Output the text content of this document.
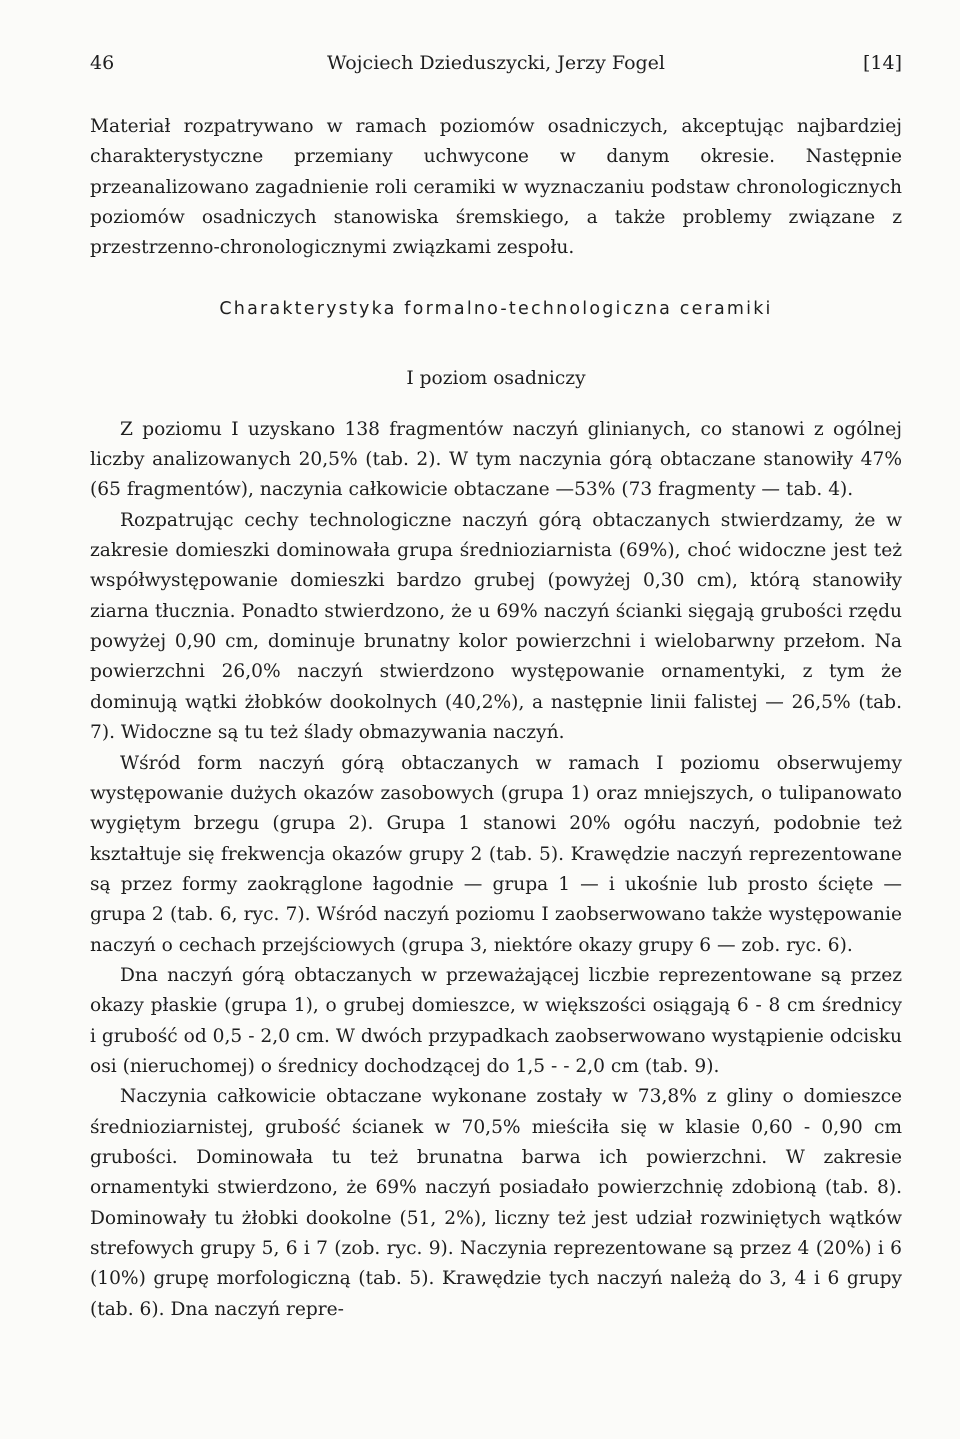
46	Wojciech Dzieduszycki, Jerzy Fogel	[14]

Materiał rozpatrywano w ramach poziomów osadniczych, akceptując najbardziej charakterystyczne przemiany uchwycone w danym okresie. Następnie przeanalizowano zagadnienie roli ceramiki w wyznaczaniu podstaw chronologicznych poziomów osadniczych stanowiska śremskiego, a także problemy związane z przestrzenno-chronologicznymi związkami zespołu.

Charakterystyka formalno-technologiczna ceramiki
I poziom osadniczy

Z poziomu I uzyskano 138 fragmentów naczyń glinianych, co stanowi z ogólnej liczby analizowanych 20,5% (tab. 2). W tym naczynia górą obtaczane stanowiły 47% (65 fragmentów), naczynia całkowicie obtaczane —53% (73 fragmenty — tab. 4).

Rozpatrując cechy technologiczne naczyń górą obtaczanych stwierdzamy, że w zakresie domieszki dominowała grupa średnioziarnista (69%), choć widoczne jest też współwystępowanie domieszki bardzo grubej (powyżej 0,30 cm), którą stanowiły ziarna tłucznia. Ponadto stwierdzono, że u 69% naczyń ścianki sięgają grubości rzędu powyżej 0,90 cm, dominuje brunatny kolor powierzchni i wielobarwny przełom. Na powierzchni 26,0% naczyń stwierdzono występowanie ornamentyki, z tym że dominują wątki żłobków dookolnych (40,2%), a następnie linii falistej — 26,5% (tab. 7). Widoczne są tu też ślady obmazywania naczyń.

Wśród form naczyń górą obtaczanych w ramach I poziomu obserwujemy występowanie dużych okazów zasobowych (grupa 1) oraz mniejszych, o tulipanowato wygiętym brzegu (grupa 2). Grupa 1 stanowi 20% ogółu naczyń, podobnie też kształtuje się frekwencja okazów grupy 2 (tab. 5). Krawędzie naczyń reprezentowane są przez formy zaokrąglone łagodnie — grupa 1 — i ukośnie lub prosto ścięte — grupa 2 (tab. 6, ryc. 7). Wśród naczyń poziomu I zaobserwowano także występowanie naczyń o cechach przejściowych (grupa 3, niektóre okazy grupy 6 — zob. ryc. 6).

Dna naczyń górą obtaczanych w przeważającej liczbie reprezentowane są przez okazy płaskie (grupa 1), o grubej domieszce, w większości osiągają 6 - 8 cm średnicy i grubość od 0,5 - 2,0 cm. W dwóch przypadkach zaobserwowano wystąpienie odcisku osi (nieruchomej) o średnicy dochodzącej do 1,5 - - 2,0 cm (tab. 9).

Naczynia całkowicie obtaczane wykonane zostały w 73,8% z gliny o domieszce średnioziarnistej, grubość ścianek w 70,5% mieściła się w klasie 0,60 - 0,90 cm grubości. Dominowała tu też brunatna barwa ich powierzchni. W zakresie ornamentyki stwierdzono, że 69% naczyń posiadało powierzchnię zdobioną (tab. 8). Dominowały tu żłobki dookolne (51, 2%), liczny też jest udział rozwiniętych wątków strefowych grupy 5, 6 i 7 (zob. ryc. 9). Naczynia reprezentowane są przez 4 (20%) i 6 (10%) grupę morfologiczną (tab. 5). Krawędzie tych naczyń należą do 3, 4 i 6 grupy (tab. 6). Dna naczyń repre-
